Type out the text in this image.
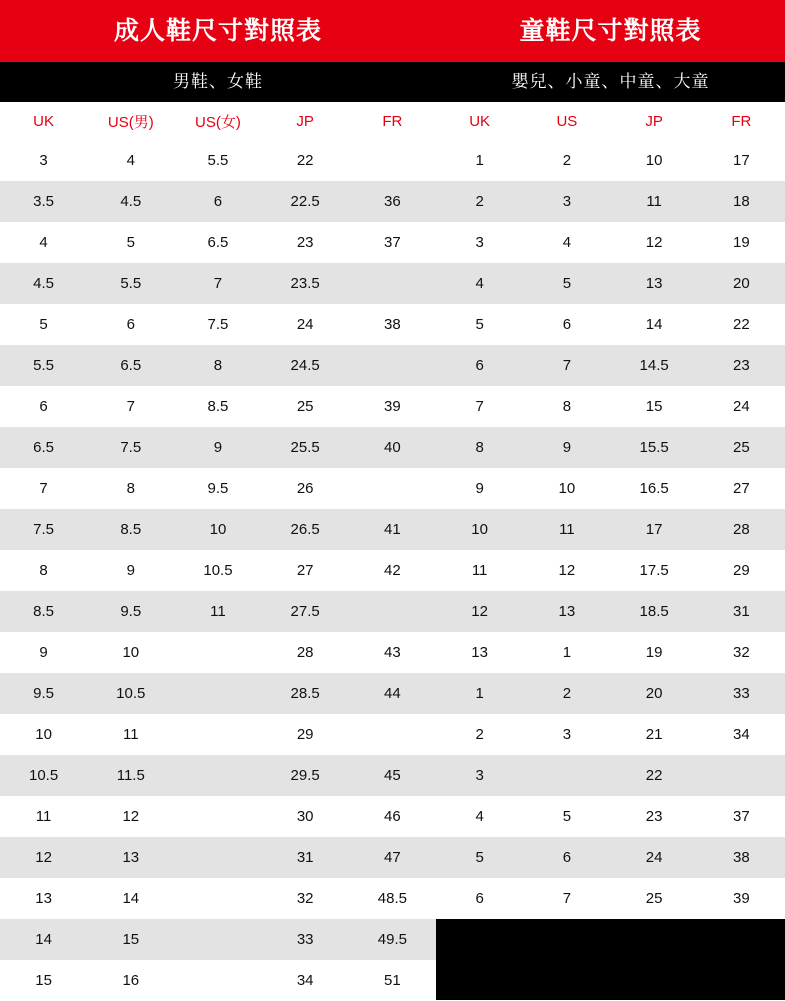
成人鞋尺寸對照表
男鞋、女鞋
UK	US(男)	US(女)	JP	FR
3	4	5.5	22	
3.5	4.5	6	22.5	36
4	5	6.5	23	37
4.5	5.5	7	23.5	
5	6	7.5	24	38
5.5	6.5	8	24.5	
6	7	8.5	25	39
6.5	7.5	9	25.5	40
7	8	9.5	26	
7.5	8.5	10	26.5	41
8	9	10.5	27	42
8.5	9.5	11	27.5	
9	10		28	43
9.5	10.5		28.5	44
10	11		29	
10.5	11.5		29.5	45
11	12		30	46
12	13		31	47
13	14		32	48.5
14	15		33	49.5
15	16		34	51
童鞋尺寸對照表
嬰兒、小童、中童、大童
UK	US	JP	FR
1	2	10	17
2	3	11	18
3	4	12	19
4	5	13	20
5	6	14	22
6	7	14.5	23
7	8	15	24
8	9	15.5	25
9	10	16.5	27
10	11	17	28
11	12	17.5	29
12	13	18.5	31
13	1	19	32
1	2	20	33
2	3	21	34
3		22	
4	5	23	37
5	6	24	38
6	7	25	39
